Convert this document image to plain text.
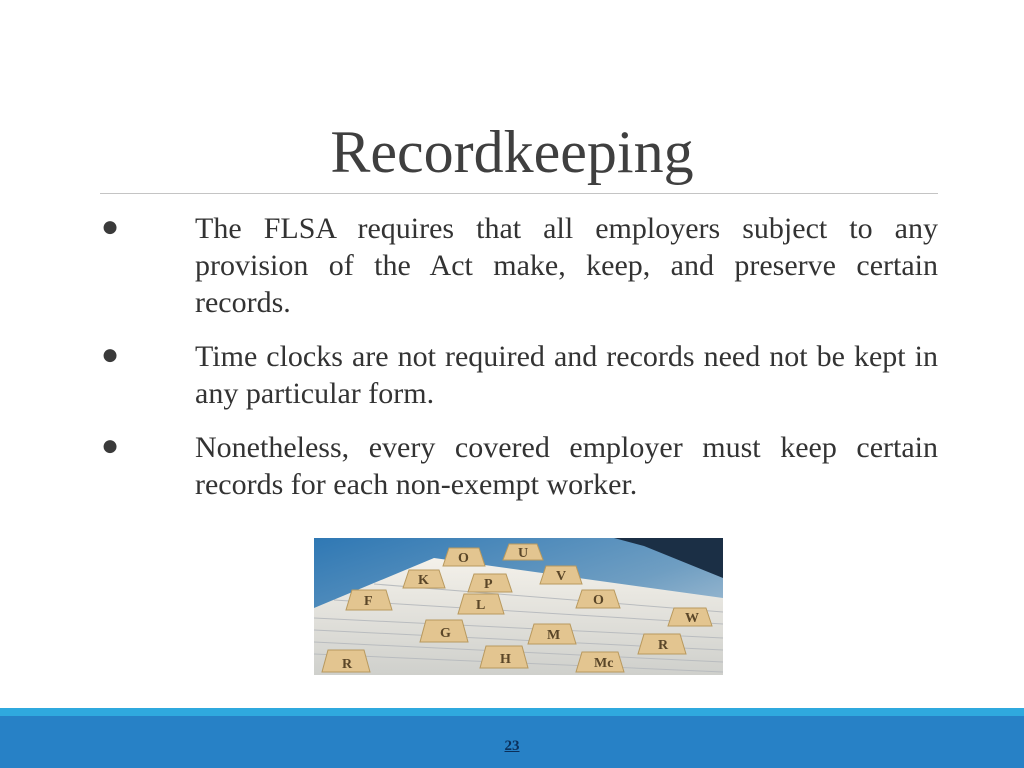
Recordkeeping
●	The FLSA requires that all employers subject to any provision of the Act make, keep, and preserve certain records.
●	Time clocks are not required and records need not be kept in any particular form.
●	Nonetheless, every covered employer must keep certain records for each non-exempt worker.
O	U
P
V
K
L	O
W
F
G	M
R
H	Mc
R
23
